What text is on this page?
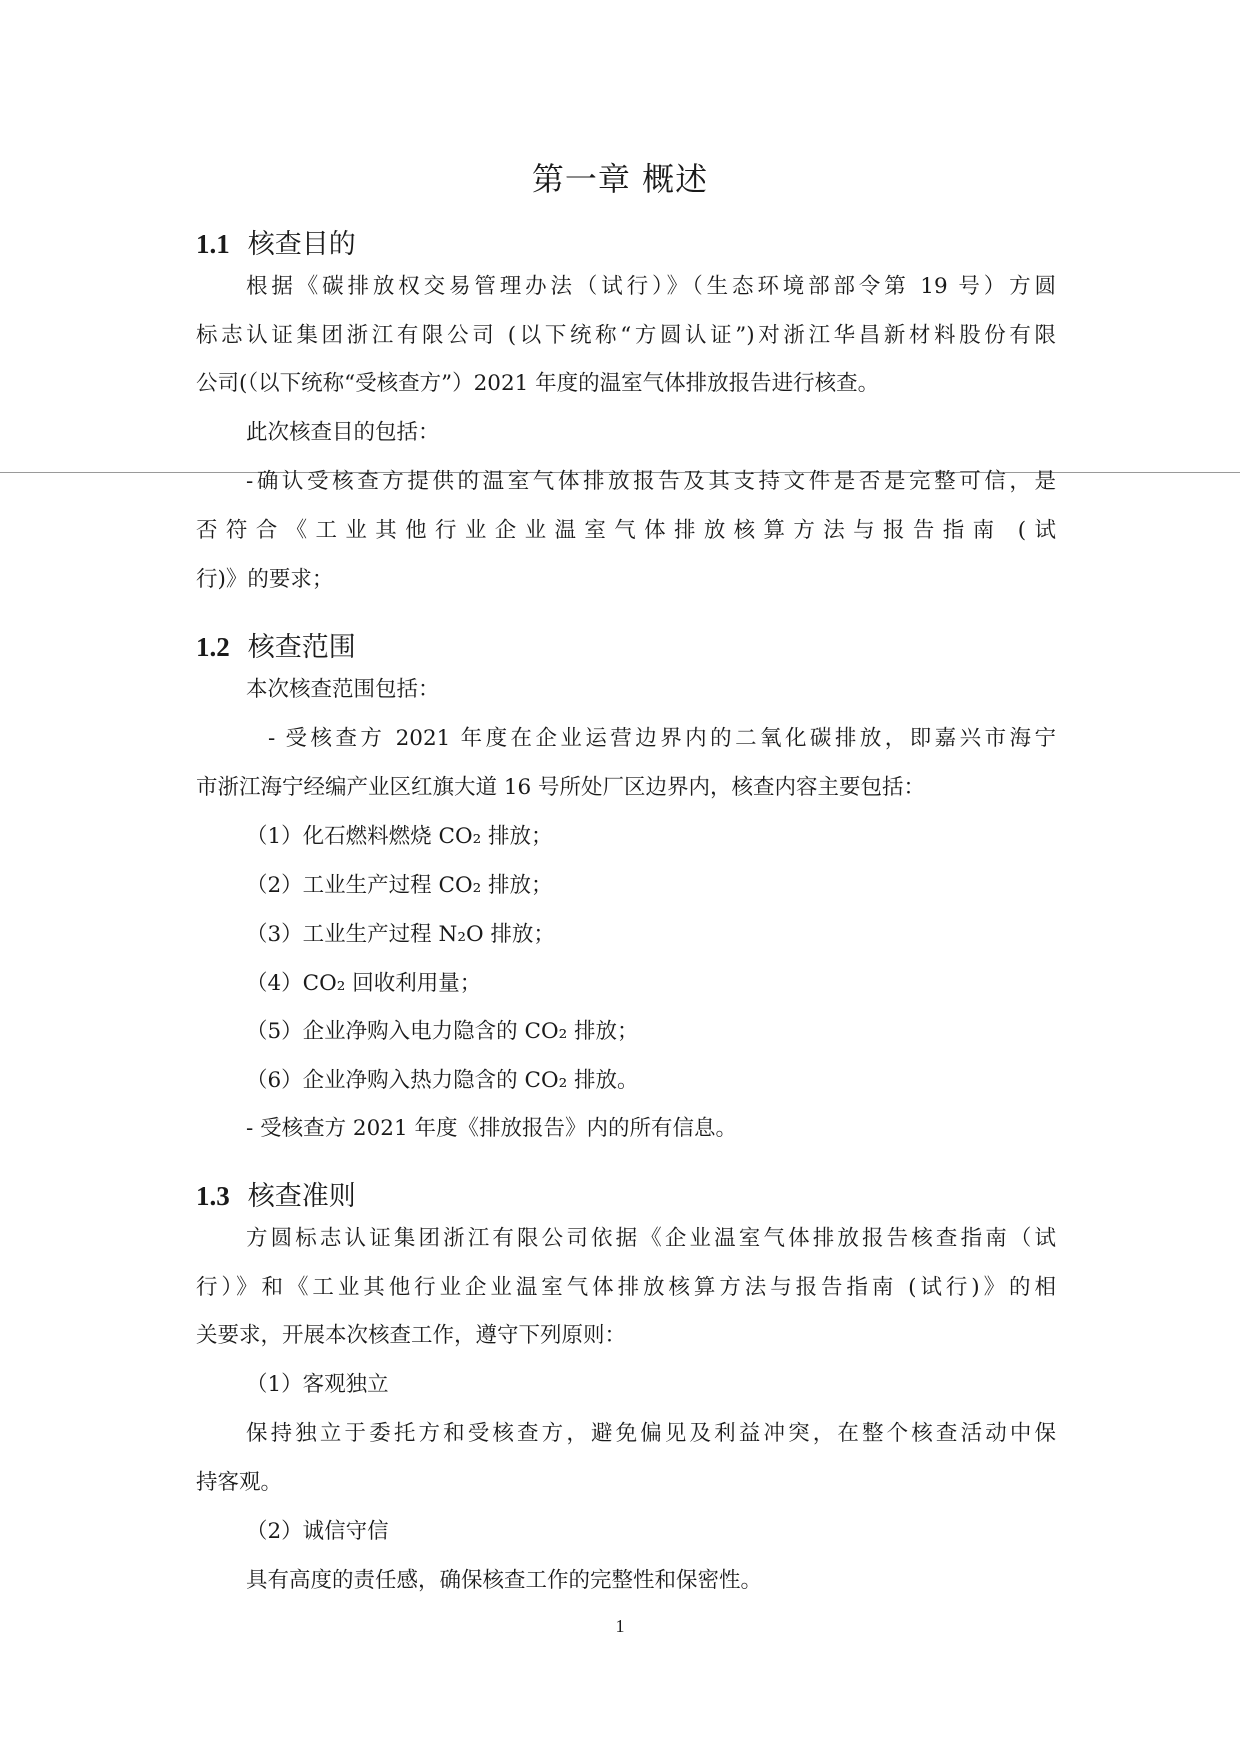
第一章 概述
1.1 核查目的
根据《碳排放权交易管理办法（试行）》（生态环境部部令第 19 号）方圆
标志认证集团浙江有限公司 (以下统称“方圆认证”)对浙江华昌新材料股份有限
公司(（以下统称“受核查方”）2021 年度的温室气体排放报告进行核查。
此次核查目的包括：
-确认受核查方提供的温室气体排放报告及其支持文件是否是完整可信，是
否符合《工业其他行业企业温室气体排放核算方法与报告指南 (试
行)》的要求；
1.2 核查范围
本次核查范围包括：
- 受核查方 2021 年度在企业运营边界内的二氧化碳排放，即嘉兴市海宁
市浙江海宁经编产业区红旗大道 16 号所处厂区边界内，核查内容主要包括：
（1）化石燃料燃烧 CO₂ 排放；
（2）工业生产过程 CO₂ 排放；
（3）工业生产过程 N₂O 排放；
（4）CO₂ 回收利用量；
（5）企业净购入电力隐含的 CO₂ 排放；
（6）企业净购入热力隐含的 CO₂ 排放。
- 受核查方 2021 年度《排放报告》内的所有信息。
1.3 核查准则
方圆标志认证集团浙江有限公司依据《企业温室气体排放报告核查指南（试
行）》和《工业其他行业企业温室气体排放核算方法与报告指南 (试行)》的相
关要求，开展本次核查工作，遵守下列原则：
（1）客观独立
保持独立于委托方和受核查方，避免偏见及利益冲突，在整个核查活动中保
持客观。
（2）诚信守信
具有高度的责任感，确保核查工作的完整性和保密性。
1
